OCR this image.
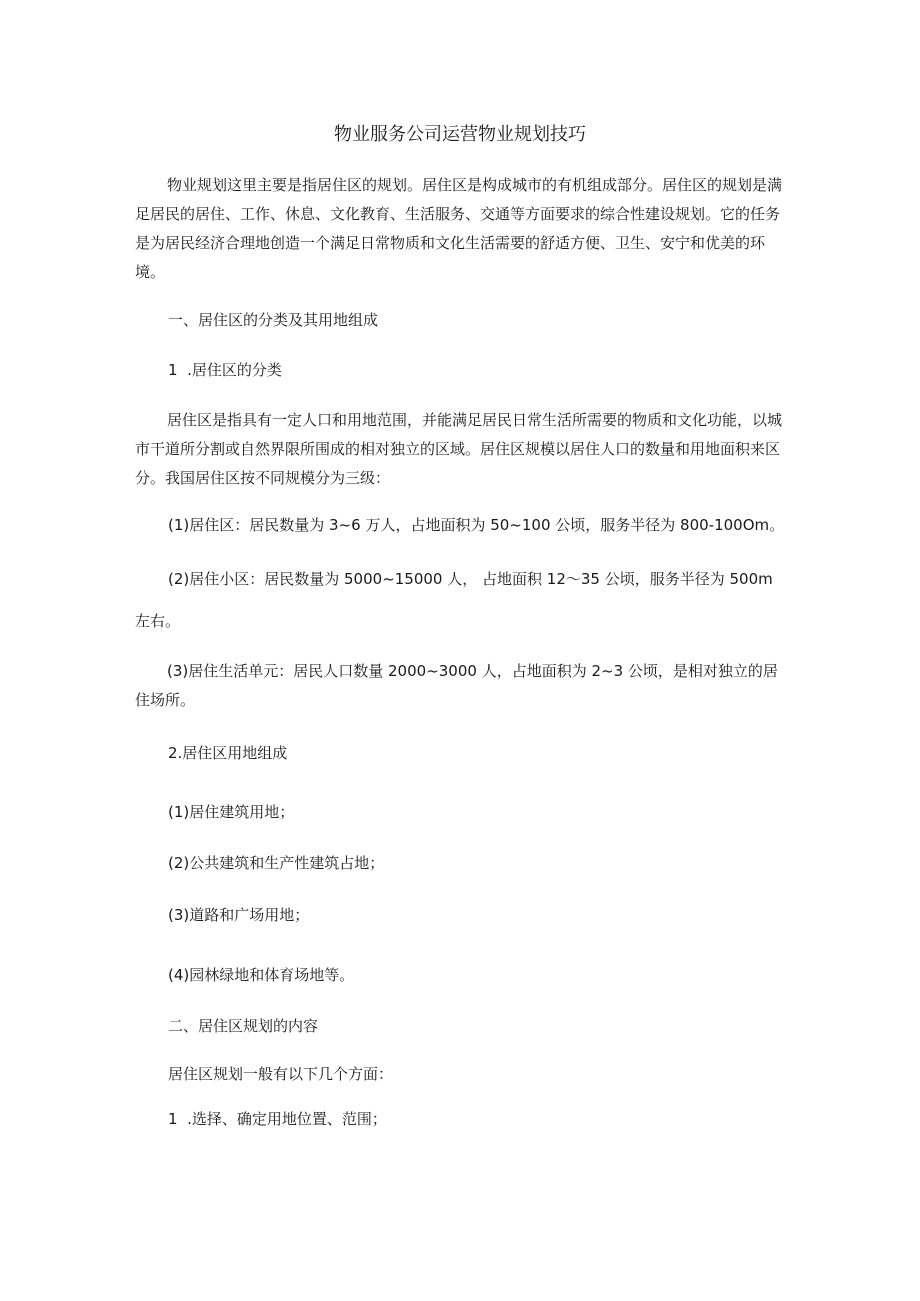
物业服务公司运营物业规划技巧

物业规划这里主要是指居住区的规划。居住区是构成城市的有机组成部分。居住区的规划是满足居民的居住、工作、休息、文化教育、生活服务、交通等方面要求的综合性建设规划。它的任务是为居民经济合理地创造一个满足日常物质和文化生活需要的舒适方便、卫生、安宁和优美的环境。

一、居住区的分类及其用地组成

1  .居住区的分类

居住区是指具有一定人口和用地范围，并能满足居民日常生活所需要的物质和文化功能，以城市干道所分割或自然界限所围成的相对独立的区域。居住区规模以居住人口的数量和用地面积来区分。我国居住区按不同规模分为三级：

(1)居住区：居民数量为 3~6 万人，占地面积为 50~100 公顷，服务半径为 800-100Om。

(2)居住小区：居民数量为 5000~15000 人， 占地面积 12～35 公顷，服务半径为 500m

左右。

(3)居住生活单元：居民人口数量 2000~3000 人，占地面积为 2~3 公顷，是相对独立的居住场所。

2.居住区用地组成

(1)居住建筑用地；

(2)公共建筑和生产性建筑占地；

(3)道路和广场用地；

(4)园林绿地和体育场地等。

二、居住区规划的内容

居住区规划一般有以下几个方面：

1  .选择、确定用地位置、范围；
